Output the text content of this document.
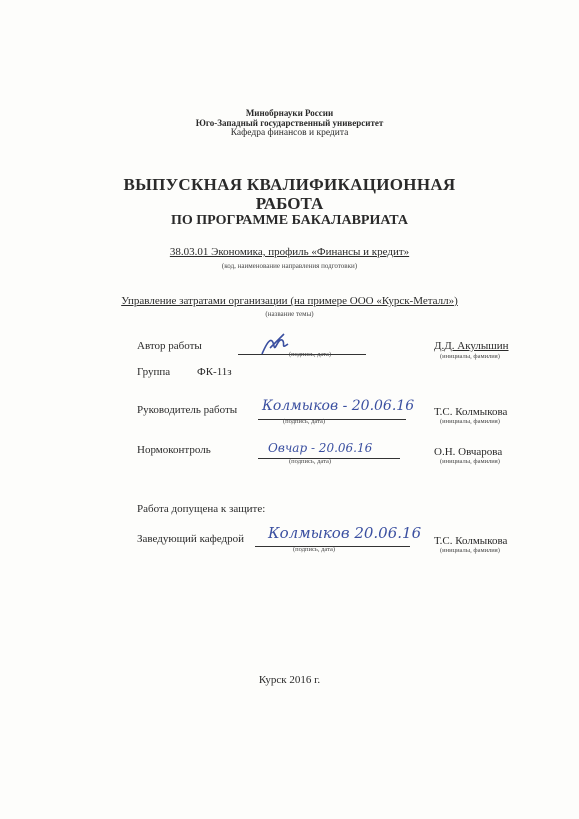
Минобрнауки России
Юго-Западный государственный университет
Кафедра финансов и кредита
ВЫПУСКНАЯ КВАЛИФИКАЦИОННАЯ
РАБОТА
ПО ПРОГРАММЕ БАКАЛАВРИАТА
38.03.01 Экономика, профиль «Финансы и кредит»
(код, наименование направления подготовки)
Управление затратами организации (на примере ООО «Курск-Металл»)
(название темы)
Автор работы
(подпись, дата)
Д.Д. Акулышин
(инициалы, фамилия)
Группа ФК-11з
Руководитель работы Колмыков - 20.06.16
(подпись, дата)
Т.С. Колмыкова
(инициалы, фамилия)
Нормоконтроль	Овчар - 20.06.16
(подпись, дата)
О.Н. Овчарова
(инициалы, фамилия)
Работа допущена к защите:
Заведующий кафедрой Колмыков 20.06.16
(подпись, дата)
Т.С. Колмыкова
(инициалы, фамилия)
Курск 2016 г.
